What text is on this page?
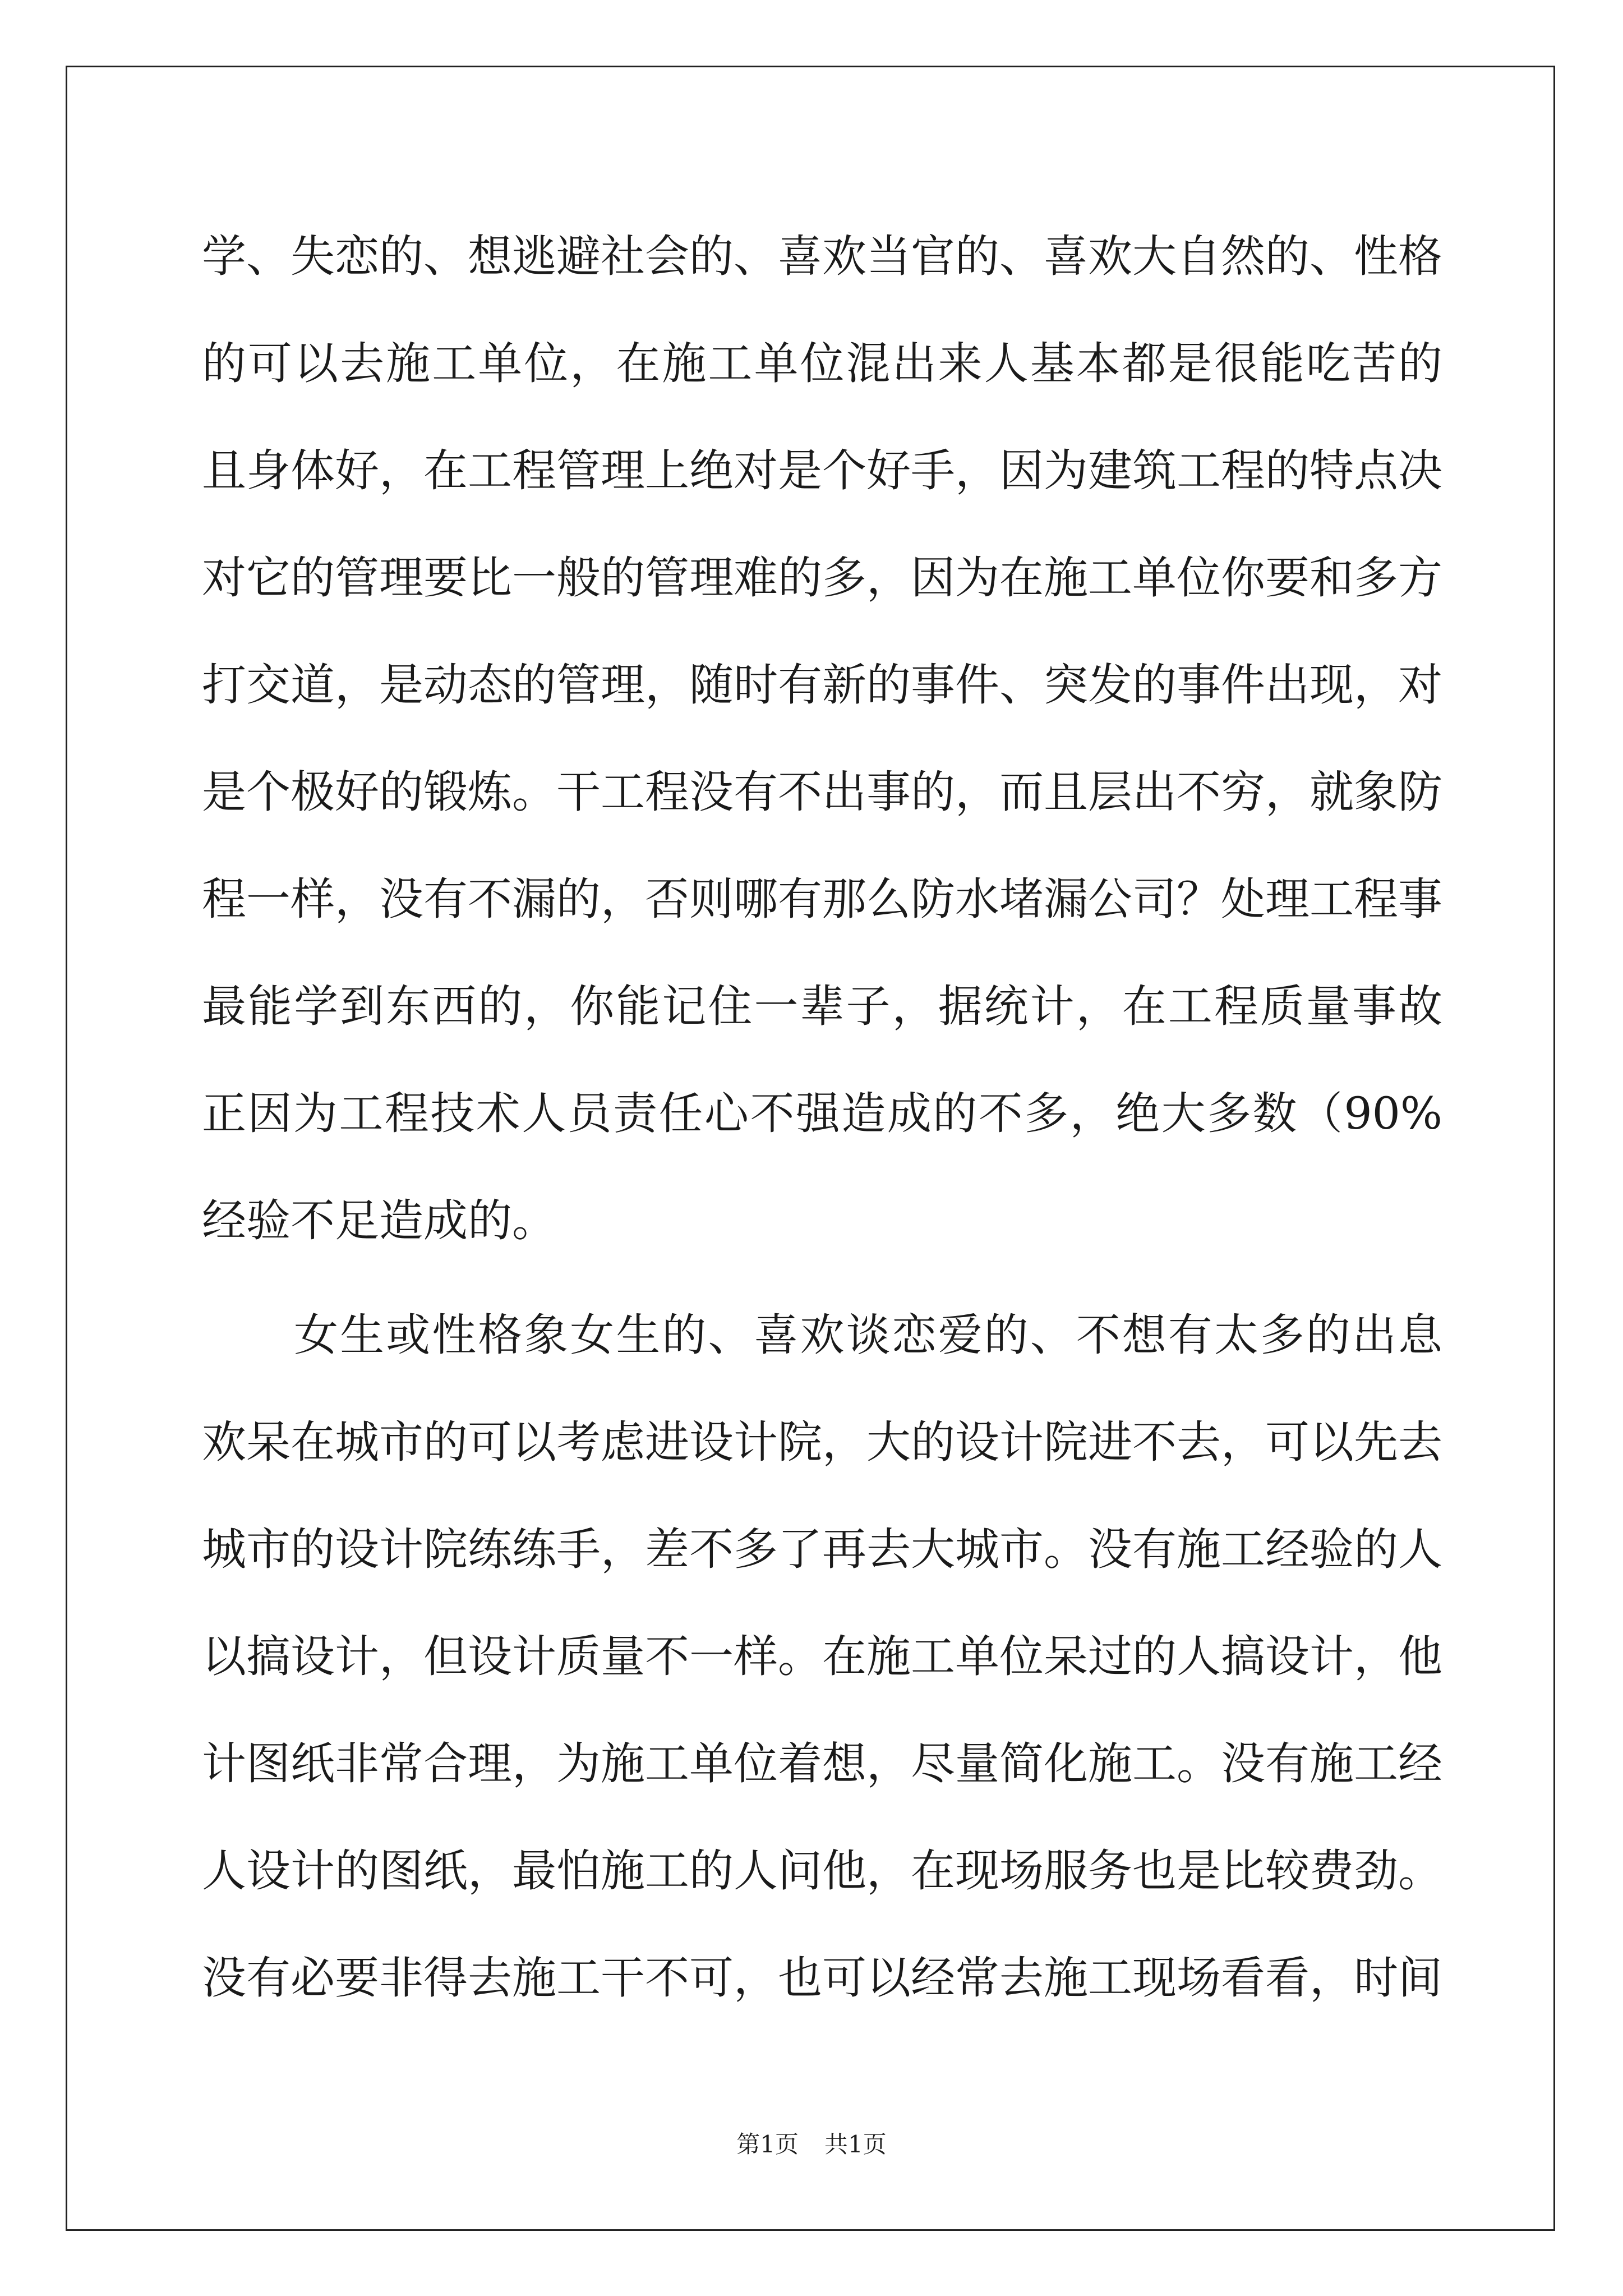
学、失恋的、想逃避社会的、喜欢当官的、喜欢大自然的、性格
的可以去施工单位，在施工单位混出来人基本都是很能吃苦的
且身体好，在工程管理上绝对是个好手，因为建筑工程的特点决
对它的管理要比一般的管理难的多，因为在施工单位你要和多方
打交道，是动态的管理，随时有新的事件、突发的事件出现，对
是个极好的锻炼。干工程没有不出事的，而且层出不穷，就象防
程一样，没有不漏的，否则哪有那么防水堵漏公司？处理工程事
最能学到东西的，你能记住一辈子，据统计，在工程质量事故
正因为工程技术人员责任心不强造成的不多，绝大多数（90%
经验不足造成的。
　　女生或性格象女生的、喜欢谈恋爱的、不想有太多的出息
欢呆在城市的可以考虑进设计院，大的设计院进不去，可以先去
城市的设计院练练手，差不多了再去大城市。没有施工经验的人
以搞设计，但设计质量不一样。在施工单位呆过的人搞设计，他
计图纸非常合理，为施工单位着想，尽量简化施工。没有施工经
人设计的图纸，最怕施工的人问他，在现场服务也是比较费劲。
没有必要非得去施工干不可，也可以经常去施工现场看看，时间
第1页 共1页
